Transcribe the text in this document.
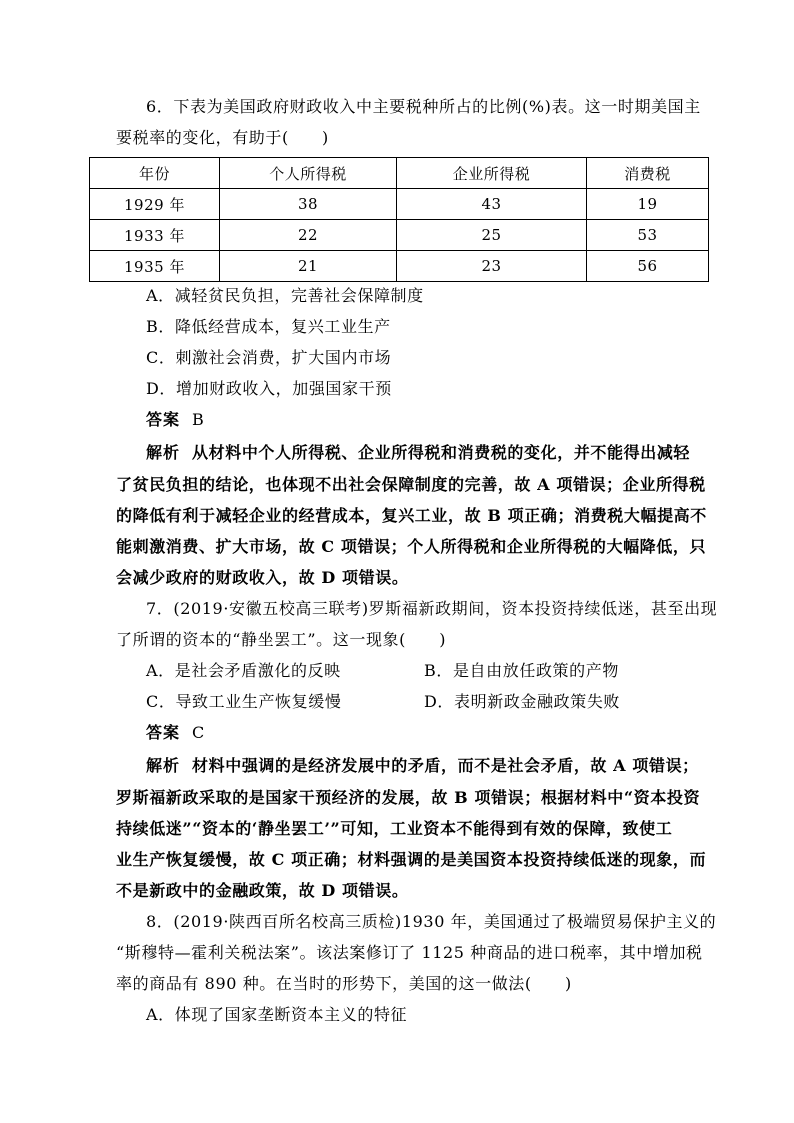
6．下表为美国政府财政收入中主要税种所占的比例(%)表。这一时期美国主
要税率的变化，有助于(　　)
年份	个人所得税	企业所得税	消费税
1929 年	38	43	19
1933 年	22	25	53
1935 年	21	23	56
A．减轻贫民负担，完善社会保障制度
B．降低经营成本，复兴工业生产
C．刺激社会消费，扩大国内市场
D．增加财政收入，加强国家干预
答案 B
解析 从材料中个人所得税、企业所得税和消费税的变化，并不能得出减轻
了贫民负担的结论，也体现不出社会保障制度的完善，故 A 项错误；企业所得税
的降低有利于减轻企业的经营成本，复兴工业，故 B 项正确；消费税大幅提高不
能刺激消费、扩大市场，故 C 项错误；个人所得税和企业所得税的大幅降低，只
会减少政府的财政收入，故 D 项错误。
7．(2019·安徽五校高三联考)罗斯福新政期间，资本投资持续低迷，甚至出现
了所谓的资本的“静坐罢工”。这一现象(　　)
A．是社会矛盾激化的反映	B．是自由放任政策的产物
C．导致工业生产恢复缓慢	D．表明新政金融政策失败
答案 C
解析 材料中强调的是经济发展中的矛盾，而不是社会矛盾，故 A 项错误；
罗斯福新政采取的是国家干预经济的发展，故 B 项错误；根据材料中“资本投资
持续低迷”“资本的‘静坐罢工’”可知，工业资本不能得到有效的保障，致使工
业生产恢复缓慢，故 C 项正确；材料强调的是美国资本投资持续低迷的现象，而
不是新政中的金融政策，故 D 项错误。
8．(2019·陕西百所名校高三质检)1930 年，美国通过了极端贸易保护主义的
“斯穆特—霍利关税法案”。该法案修订了 1125 种商品的进口税率，其中增加税
率的商品有 890 种。在当时的形势下，美国的这一做法(　　)
A．体现了国家垄断资本主义的特征
